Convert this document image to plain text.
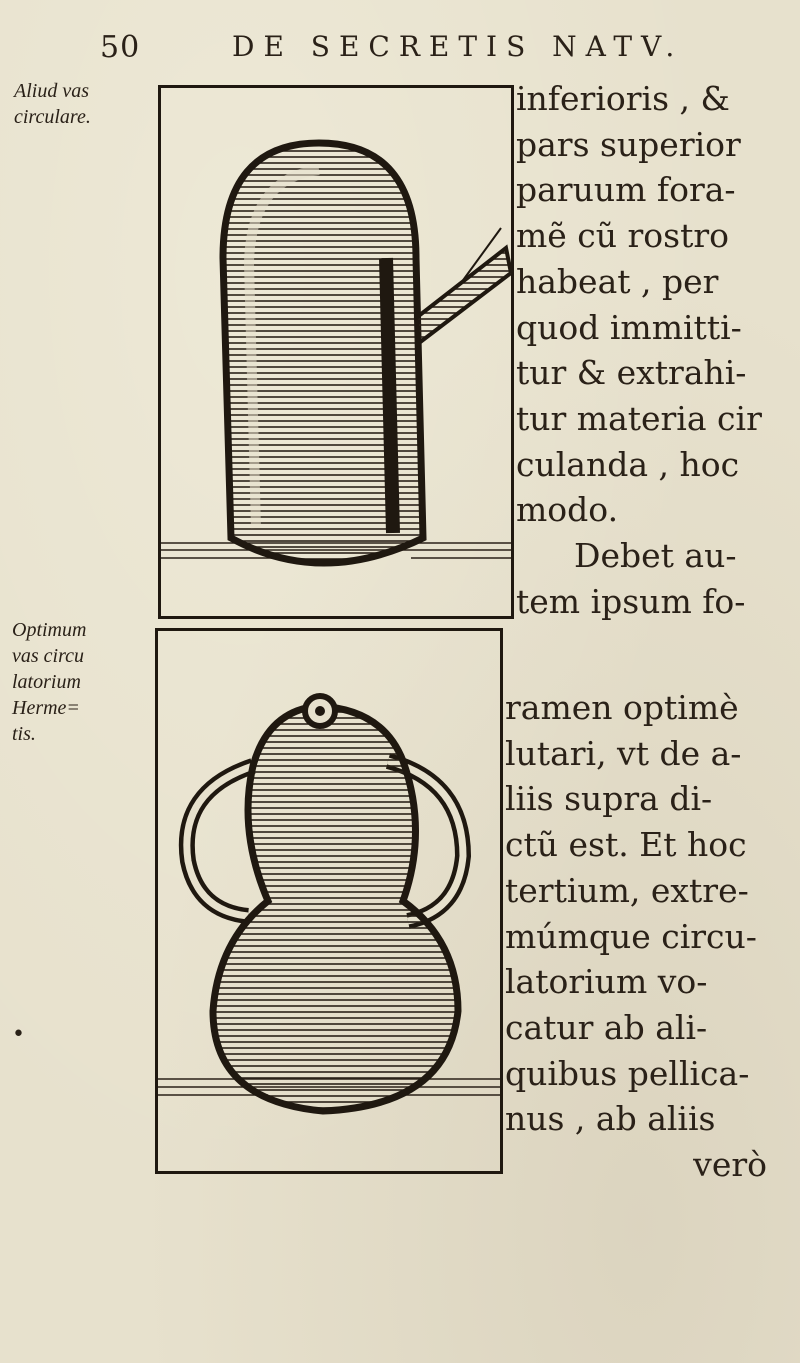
50	DE SECRETIS NATV.
Aliud vas
circulare.
Optimum
vas circu
latorium
Herme=
tis.
•
inferioris , &
pars superior
paruum fora-
mẽ cũ rostro
habeat , per
quod immitti-
tur & extrahi-
tur materia cir
culanda , hoc
modo.
Debet au-
tem ipsum fo-
ramen optimè
lutari, vt de a-
liis supra di-
ctũ est. Et hoc
tertium, extre-
múmque circu-
latorium vo-
catur ab ali-
quibus pellica-
nus , ab aliis
verò
